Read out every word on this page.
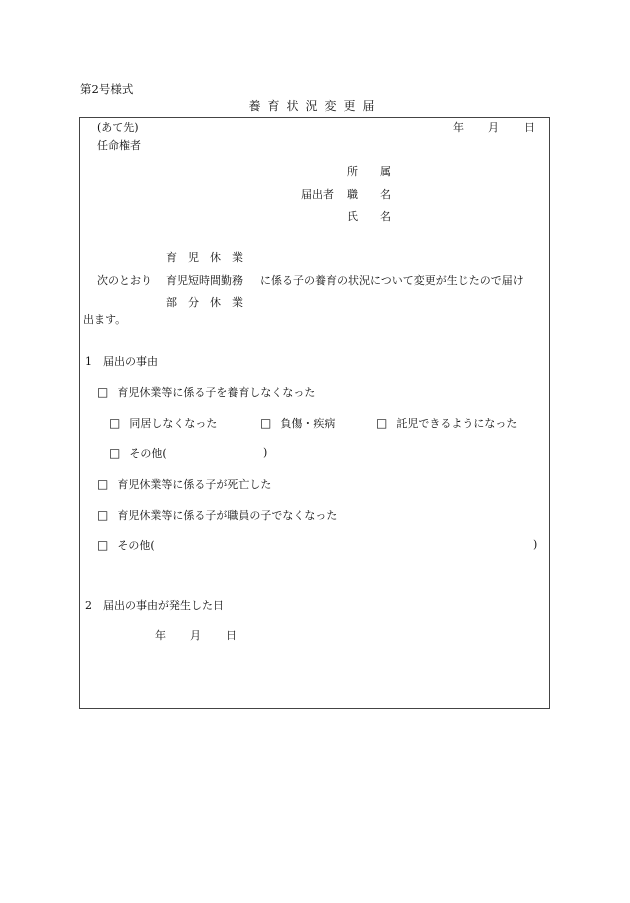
第2号様式
養育状況変更届
(あて先)
任命権者
年 月 日
所　　属
届出者 職　　名
氏　　名
育　児　休　業
次のとおり 育児短時間勤務 に係る子の養育の状況について変更が生じたので届け
部　分　休　業
出ます。
1　届出の事由
□ 育児休業等に係る子を養育しなくなった
□ 同居しなくなった	□ 負傷・疾病	□ 託児できるようになった
□ その他(	)
□ 育児休業等に係る子が死亡した
□ 育児休業等に係る子が職員の子でなくなった
□ その他(	)
2　届出の事由が発生した日
年 月 日
